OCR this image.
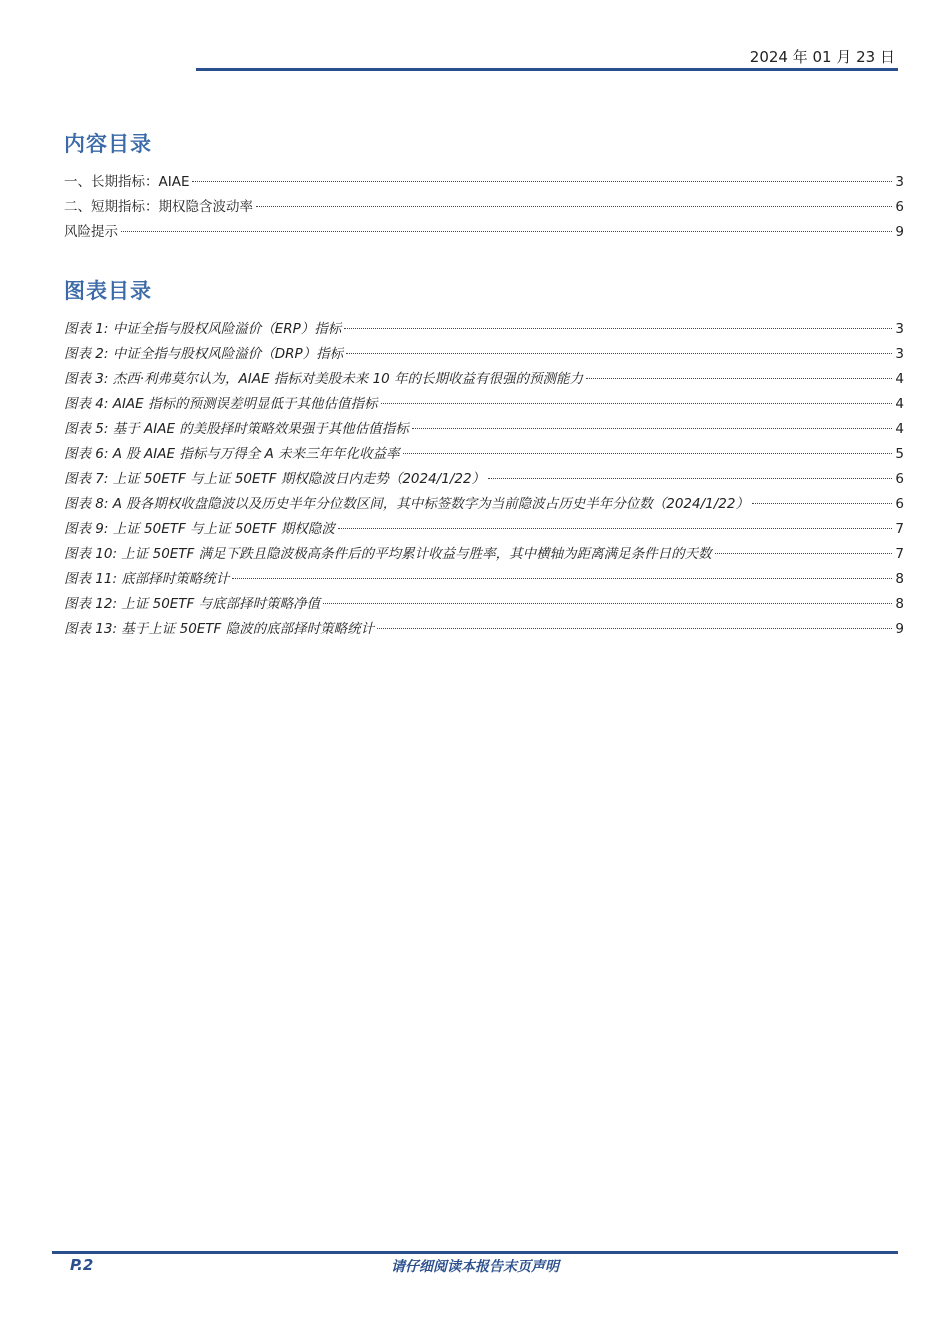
2024 年 01 月 23 日
内容目录
一、长期指标：AIAE	3
二、短期指标：期权隐含波动率	6
风险提示	9
图表目录
图表 1: 中证全指与股权风险溢价（ERP）指标	3
图表 2: 中证全指与股权风险溢价（DRP）指标	3
图表 3: 杰西·利弗莫尔认为，AIAE 指标对美股未来 10 年的长期收益有很强的预测能力	4
图表 4: AIAE 指标的预测误差明显低于其他估值指标	4
图表 5: 基于 AIAE 的美股择时策略效果强于其他估值指标	4
图表 6: A 股 AIAE 指标与万得全 A 未来三年年化收益率	5
图表 7: 上证 50ETF 与上证 50ETF 期权隐波日内走势（2024/1/22）	6
图表 8: A 股各期权收盘隐波以及历史半年分位数区间，其中标签数字为当前隐波占历史半年分位数（2024/1/22）	6
图表 9: 上证 50ETF 与上证 50ETF 期权隐波	7
图表 10: 上证 50ETF 满足下跌且隐波极高条件后的平均累计收益与胜率，其中横轴为距离满足条件日的天数	7
图表 11: 底部择时策略统计	8
图表 12: 上证 50ETF 与底部择时策略净值	8
图表 13: 基于上证 50ETF 隐波的底部择时策略统计	9
P.2	请仔细阅读本报告末页声明
